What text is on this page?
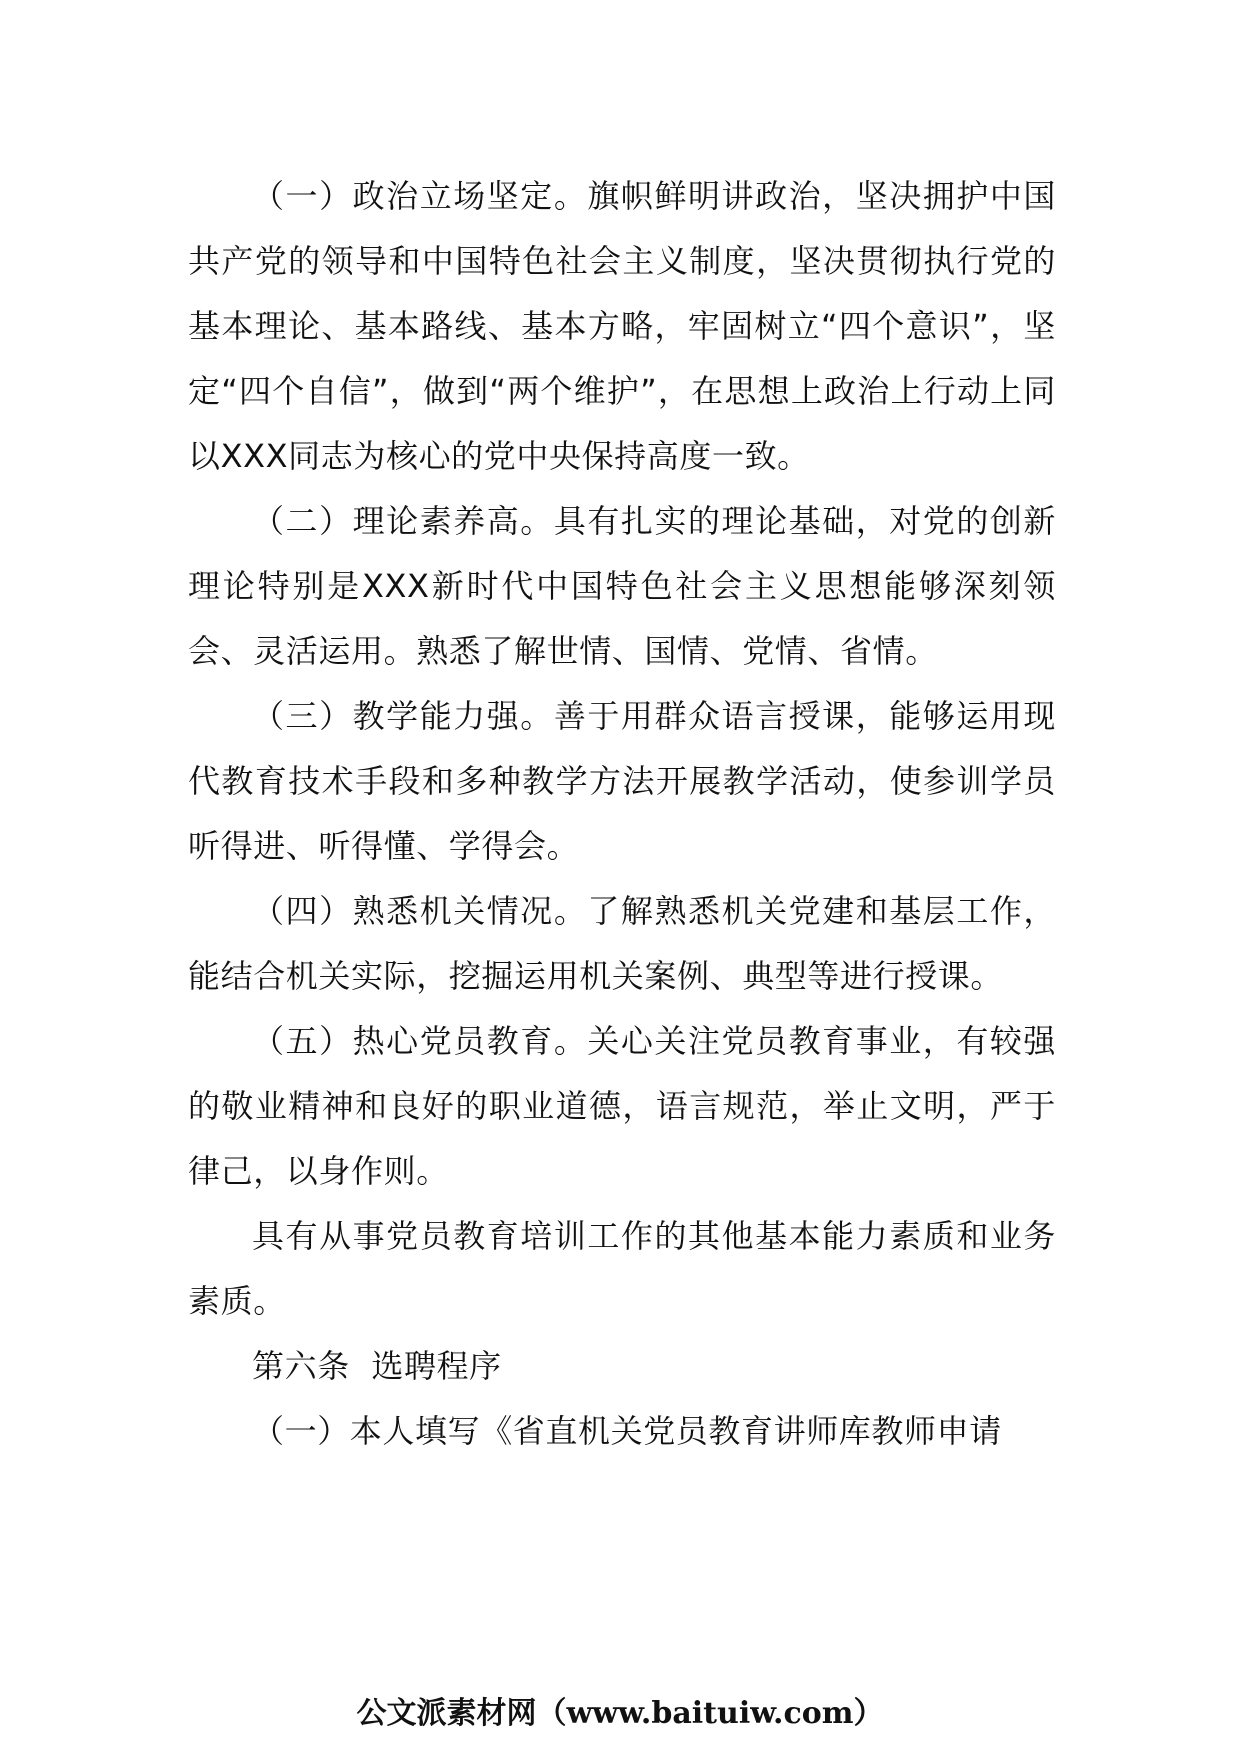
（一）政治立场坚定。旗帜鲜明讲政治，坚决拥护中国共产党的领导和中国特色社会主义制度，坚决贯彻执行党的基本理论、基本路线、基本方略，牢固树立“四个意识”，坚定“四个自信”，做到“两个维护”，在思想上政治上行动上同以XXX同志为核心的党中央保持高度一致。

（二）理论素养高。具有扎实的理论基础，对党的创新理论特别是XXX新时代中国特色社会主义思想能够深刻领会、灵活运用。熟悉了解世情、国情、党情、省情。

（三）教学能力强。善于用群众语言授课，能够运用现代教育技术手段和多种教学方法开展教学活动，使参训学员听得进、听得懂、学得会。

（四）熟悉机关情况。了解熟悉机关党建和基层工作，能结合机关实际，挖掘运用机关案例、典型等进行授课。

（五）热心党员教育。关心关注党员教育事业，有较强的敬业精神和良好的职业道德，语言规范，举止文明，严于律己，以身作则。

具有从事党员教育培训工作的其他基本能力素质和业务素质。

第六条  选聘程序

（一）本人填写《省直机关党员教育讲师库教师申请

公文派素材网（www.baituiw.com）
